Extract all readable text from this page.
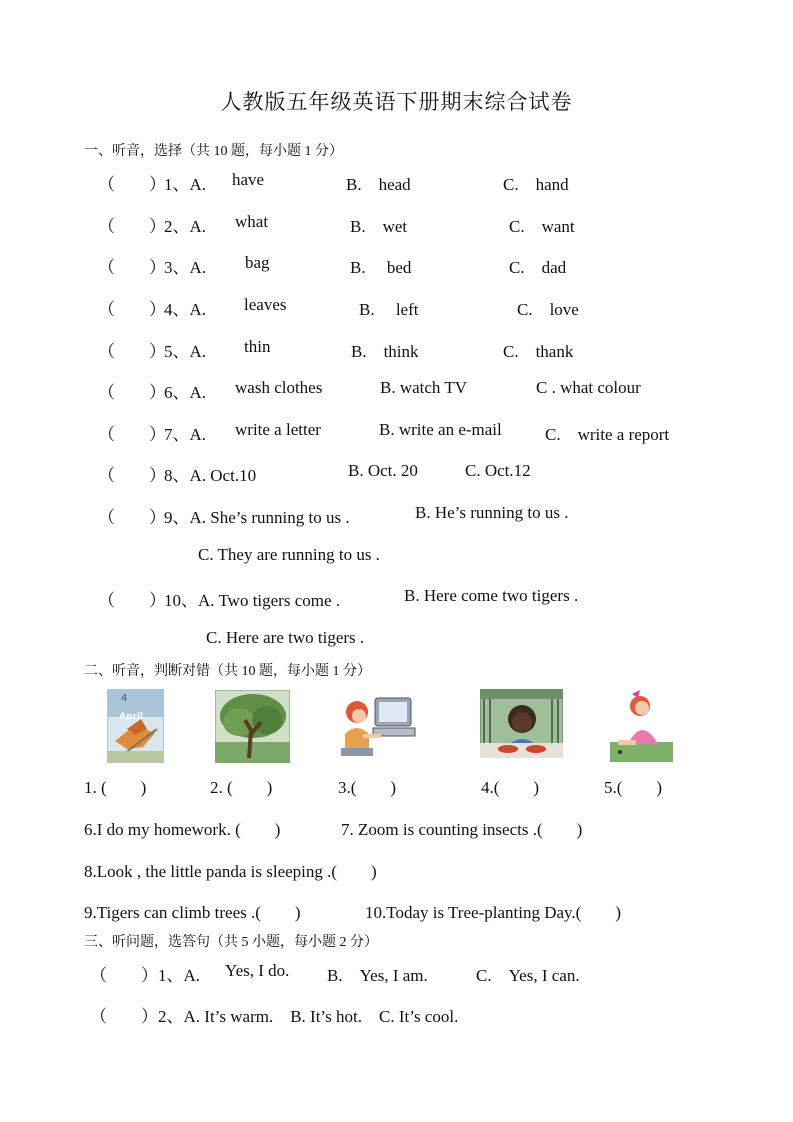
人教版五年级英语下册期末综合试卷
一、听音，选择（共 10 题，每小题 1 分）
（　　）
1、A. have	B.　head	C.　hand
（　　）
2、A. what	B.　wet	C.　want
（　　）
3、A. bag	B.　 bed	C.　dad
（　　）
4、A. leaves	B.　 left	C.　love
（　　）
5、A. thin	B.　think	C.　thank
（　　）
6、A. wash clothes	B. watch TV	C . what colour
（　　）
7、A. write a letter	B. write an e-mail	C.　write a report
（　　）
8、A. Oct.10	B. Oct. 20	C. Oct.12
（　　）
9、A. She’s running to us .	B. He’s running to us .
C. They are running to us .
（　　）
10、A. Two tigers come .	B. Here come two tigers .
C. Here are two tigers .
二、听音，判断对错（共 10 题，每小题 1 分）
4
April
1. (　　)	2. (　　)	3.(　　)	4.(　　)	5.(　　)
6.I do my homework. (　　)	7. Zoom is counting insects .(　　)
8.Look , the little panda is sleeping .(　　)
9.Tigers can climb trees .(　　)	10.Today is Tree-planting Day.(　　)
三、听问题，选答句（共 5 小题，每小题 2 分）
（　　） 1、A. Yes, I do. B.　Yes, I am.	C.　Yes, I can.
（　　） 2、A. It’s warm.　B. It’s hot.　C. It’s cool.
